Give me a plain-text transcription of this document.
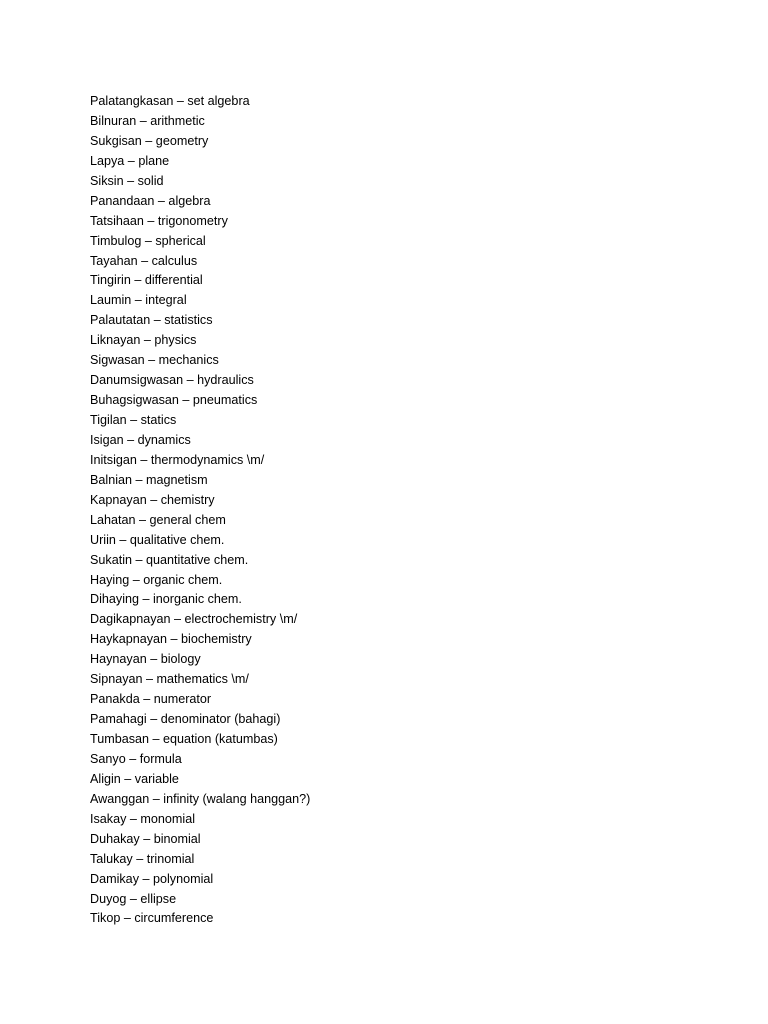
Palatangkasan – set algebra
Bilnuran – arithmetic
Sukgisan – geometry
Lapya – plane
Siksin – solid
Panandaan – algebra
Tatsihaan – trigonometry
Timbulog – spherical
Tayahan – calculus
Tingirin – differential
Laumin – integral
Palautatan – statistics
Liknayan – physics
Sigwasan – mechanics
Danumsigwasan – hydraulics
Buhagsigwasan – pneumatics
Tigilan – statics
Isigan – dynamics
Initsigan – thermodynamics \m/
Balnian – magnetism
Kapnayan – chemistry
Lahatan – general chem
Uriin – qualitative chem.
Sukatin – quantitative chem.
Haying – organic chem.
Dihaying – inorganic chem.
Dagikapnayan – electrochemistry \m/
Haykapnayan – biochemistry
Haynayan – biology
Sipnayan – mathematics \m/
Panakda – numerator
Pamahagi – denominator (bahagi)
Tumbasan – equation (katumbas)
Sanyo – formula
Aligin – variable
Awanggan – infinity (walang hanggan?)
Isakay – monomial
Duhakay – binomial
Talukay – trinomial
Damikay – polynomial
Duyog – ellipse
Tikop – circumference
